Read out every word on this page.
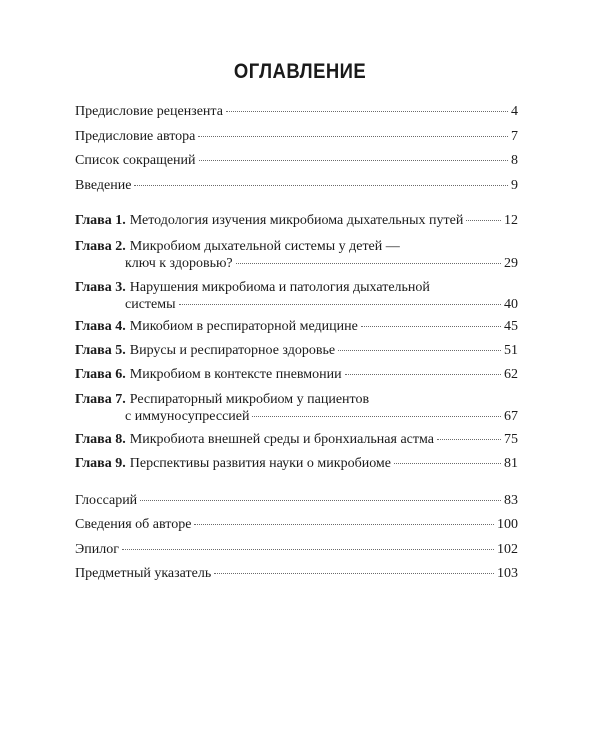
ОГЛАВЛЕНИЕ
Предисловие рецензента	4
Предисловие автора	7
Список сокращений	8
Введение	9
Глава 1. Методология изучения микробиома дыхательных путей	12
Глава 2. Микробиом дыхательной системы у детей —
ключ к здоровью?	29
Глава 3. Нарушения микробиома и патология дыхательной
системы	40
Глава 4. Микобиом в респираторной медицине	45
Глава 5. Вирусы и респираторное здоровье	51
Глава 6. Микробиом в контексте пневмонии	62
Глава 7. Респираторный микробиом у пациентов
с иммуносупрессией	67
Глава 8. Микробиота внешней среды и бронхиальная астма	75
Глава 9. Перспективы развития науки о микробиоме	81
Глоссарий	83
Сведения об авторе	100
Эпилог	102
Предметный указатель	103
